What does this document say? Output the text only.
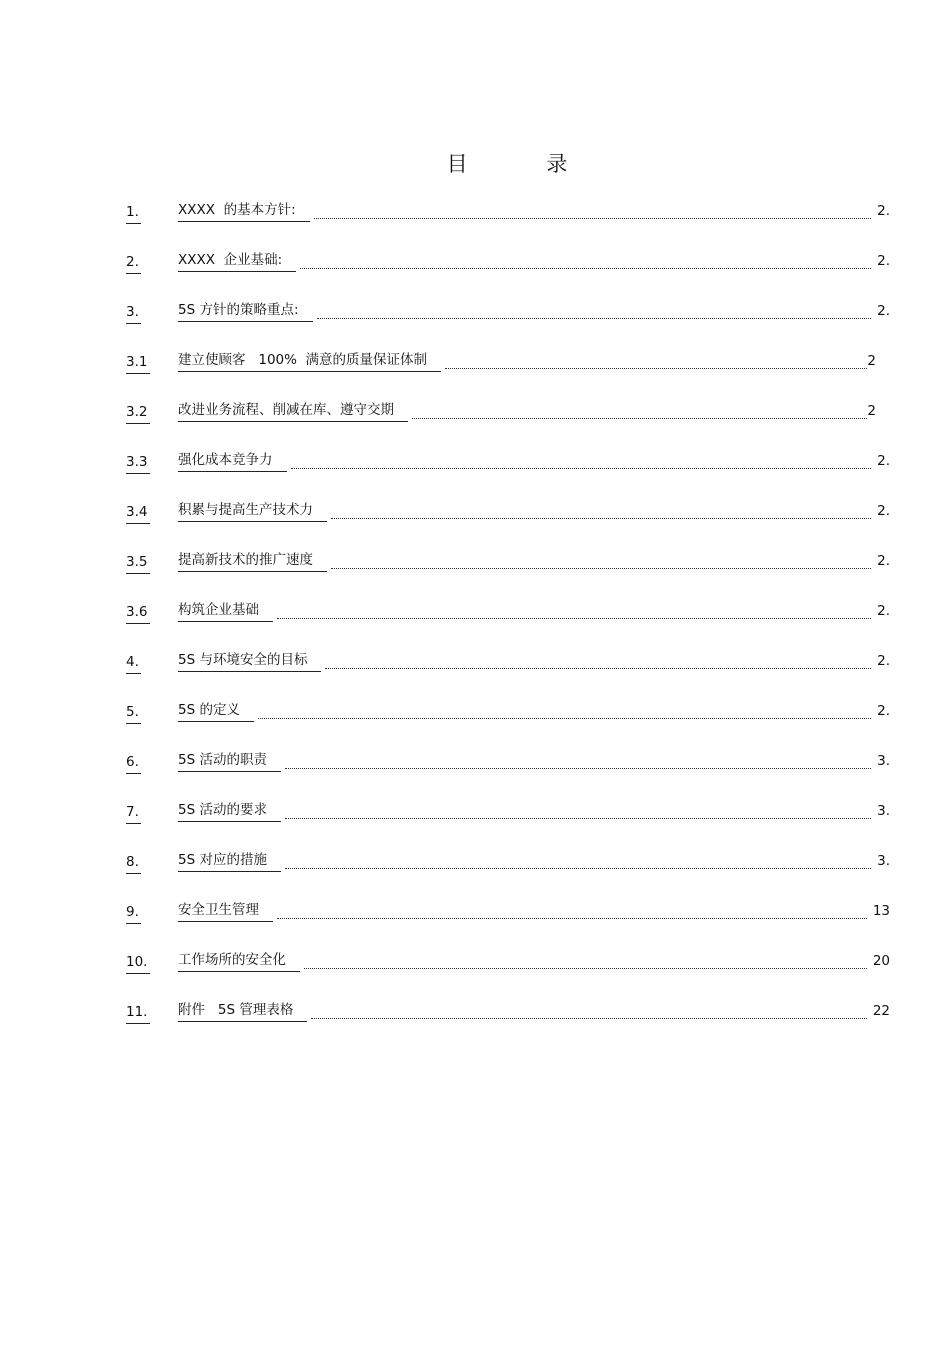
目 录
1.	XXXX  的基本方针:	2.
2.	XXXX  企业基础:	2.
3.	5S 方针的策略重点:	2.
3.1 建立使顾客   100%  满意的质量保证体制	2
3.2 改进业务流程、削减在库、遵守交期	2
3.3 强化成本竞争力	2.
3.4 积累与提高生产技术力	2.
3.5 提高新技术的推广速度	2.
3.6 构筑企业基础	2.
4.	5S 与环境安全的目标	2.
5.	5S 的定义	2.
6.	5S 活动的职责	3.
7.	5S 活动的要求	3.
8.	5S 对应的措施	3.
9.	安全卫生管理	13
10. 工作场所的安全化	20
11. 附件   5S 管理表格	22
